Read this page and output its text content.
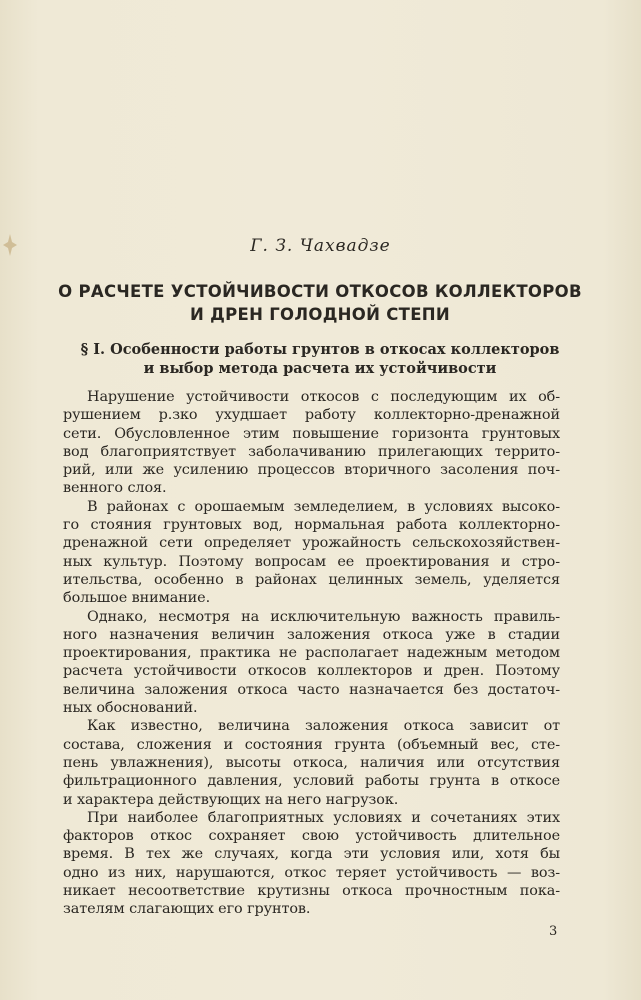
Г. З. Чахвадзе
О РАСЧЕТЕ УСТОЙЧИВОСТИ ОТКОСОВ КОЛЛЕКТОРОВ
И ДРЕН ГОЛОДНОЙ СТЕПИ
§ I. Особенности работы грунтов в откосах коллекторов
и выбор метода расчета их устойчивости
Нарушение устойчивости откосов с последующим их об-
рушением р.зко ухудшает работу коллекторно-дренажной
сети. Обусловленное этим повышение горизонта грунтовых
вод благоприятствует заболачиванию прилегающих террито-
рий, или же усилению процессов вторичного засоления поч-
венного слоя.
В районах с орошаемым земледелием, в условиях высоко-
го стояния грунтовых вод, нормальная работа коллекторно-
дренажной сети определяет урожайность сельскохозяйствен-
ных культур. Поэтому вопросам ее проектирования и стро-
ительства, особенно в районах целинных земель, уделяется
большое внимание.
Однако, несмотря на исключительную важность правиль-
ного назначения величин заложения откоса уже в стадии
проектирования, практика не располагает надежным методом
расчета устойчивости откосов коллекторов и дрен. Поэтому
величина заложения откоса часто назначается без достаточ-
ных обоснований.
Как известно, величина заложения откоса зависит от
состава, сложения и состояния грунта (объемный вес, сте-
пень увлажнения), высоты откоса, наличия или отсутствия
фильтрационного давления, условий работы грунта в откосе
и характера действующих на него нагрузок.
При наиболее благоприятных условиях и сочетаниях этих
факторов откос сохраняет свою устойчивость длительное
время. В тех же случаях, когда эти условия или, хотя бы
одно из них, нарушаются, откос теряет устойчивость — воз-
никает несоответствие крутизны откоса прочностным пока-
зателям слагающих его грунтов.
3
